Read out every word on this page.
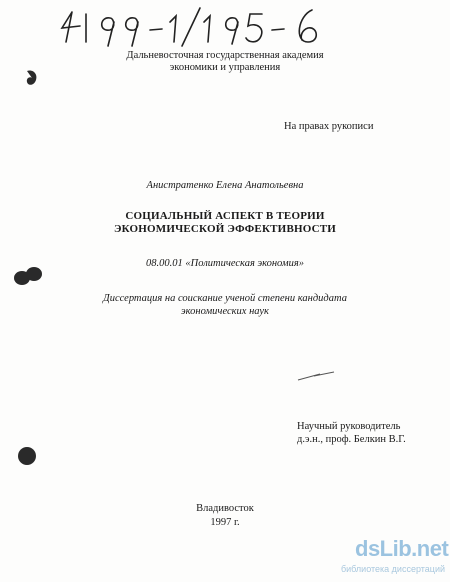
Дальневосточная государственная академия
экономики и управления
На правах рукописи
Анистратенко Елена Анатольевна
СОЦИАЛЬНЫЙ АСПЕКТ В ТЕОРИИ
ЭКОНОМИЧЕСКОЙ ЭФФЕКТИВНОСТИ
08.00.01 «Политическая экономия»
Диссертация на соискание ученой степени кандидата
экономических наук
Научный руководитель
д.э.н., проф. Белкин В.Г.
Владивосток
1997 г.
dsLib.net
библиотека диссертаций
